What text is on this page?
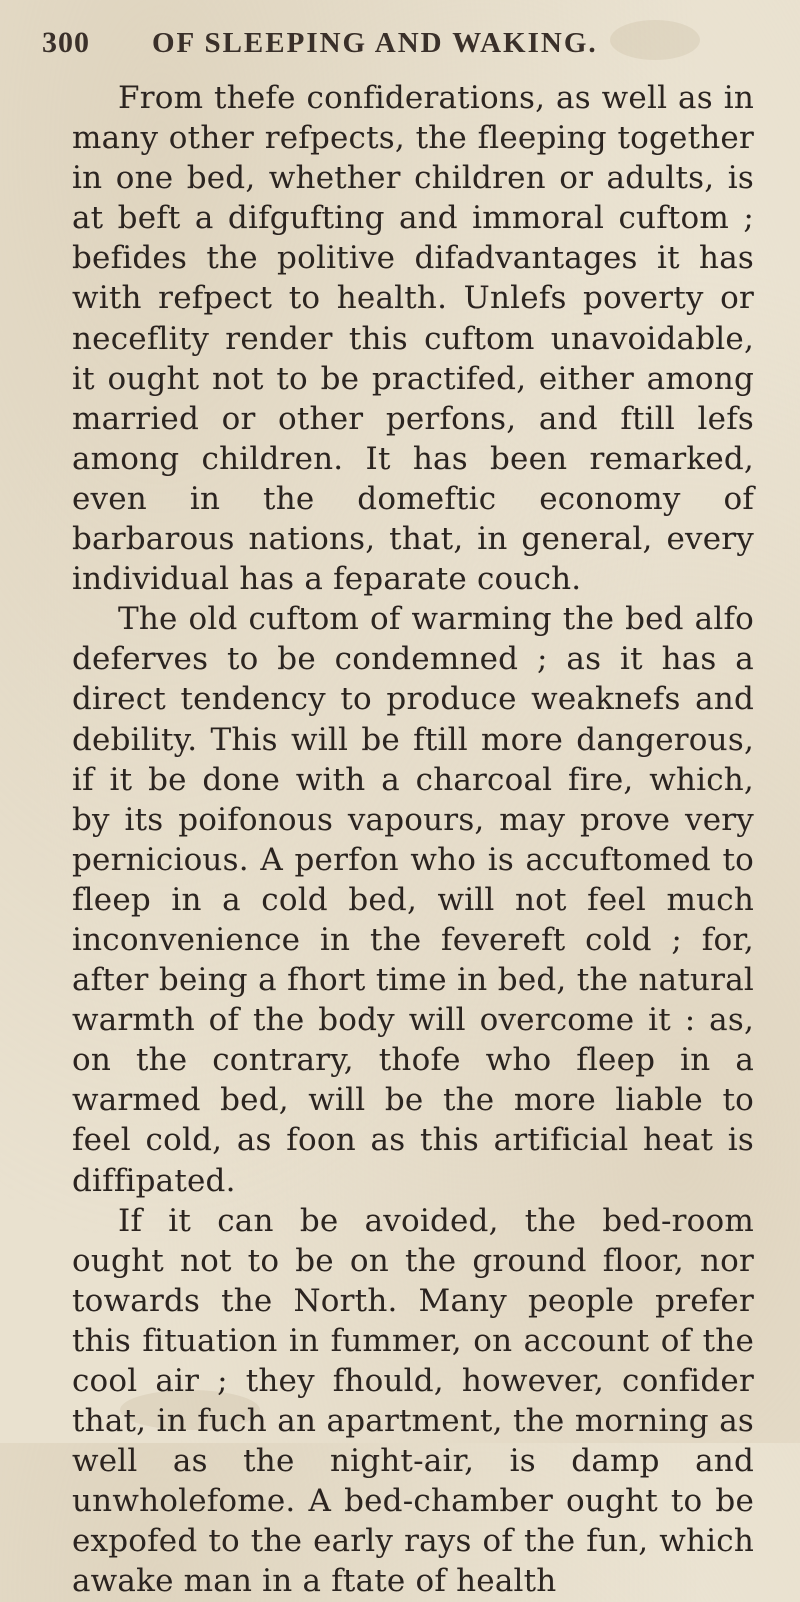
300	OF SLEEPING AND WAKING.

From thefe confiderations, as well as in many other refpects, the fleeping together in one bed, whether children or adults, is at beft a difgufting and immoral cuftom ; befides the politive difadvantages it has with refpect to health. Unlefs poverty or neceflity render this cuftom unavoidable, it ought not to be practifed, either among married or other perfons, and ftill lefs among children. It has been remarked, even in the domeftic economy of barbarous nations, that, in general, every individual has a feparate couch.

The old cuftom of warming the bed alfo deferves to be condemned ; as it has a direct tendency to produce weaknefs and debility. This will be ftill more dangerous, if it be done with a charcoal fire, which, by its poifonous vapours, may prove very pernicious. A perfon who is accuftomed to fleep in a cold bed, will not feel much inconvenience in the fevereft cold ; for, after being a fhort time in bed, the natural warmth of the body will overcome it : as, on the contrary, thofe who fleep in a warmed bed, will be the more liable to feel cold, as foon as this artificial heat is diffipated.

If it can be avoided, the bed-room ought not to be on the ground floor, nor towards the North. Many people prefer this fituation in fummer, on account of the cool air ; they fhould, however, confider that, in fuch an apartment, the morning as well as the night-air, is damp and unwholefome. A bed-chamber ought to be expofed to the early rays of the fun, which awake man in a ftate of health
